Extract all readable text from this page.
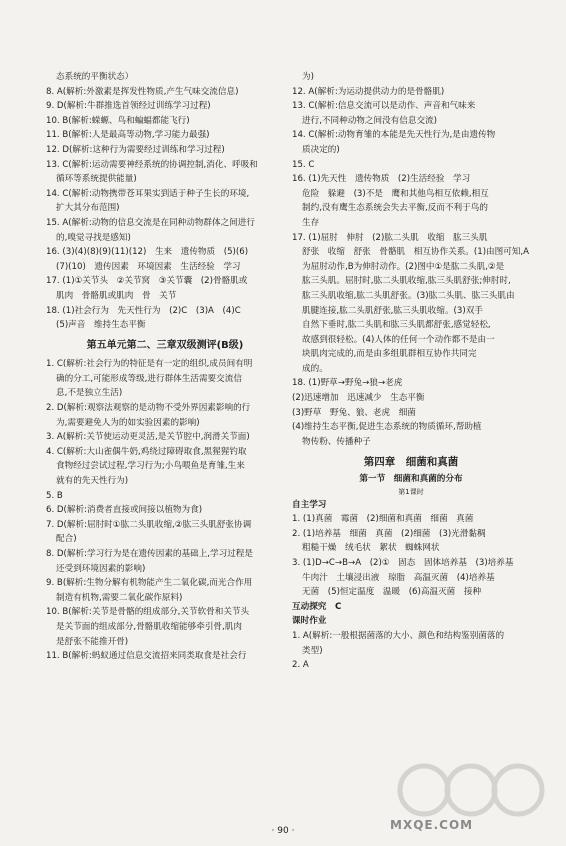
态系统的平衡状态）
8. A(解析:外激素是挥发性物质,产生气味交流信息)
9. D(解析:牛群推选首领经过训练学习过程)
10. B(解析:蝾螈、鸟和蝙蝠都能飞行)
11. B(解析:人是最高等动物,学习能力最强)
12. D(解析:这种行为需要经过训练和学习过程)
13. C(解析:运动需要神经系统的协调控制,消化、呼吸和
循环等系统提供能量)
14. C(解析:动物携带苍耳果实到适于种子生长的环境,
扩大其分布范围)
15. A(解析:动物的信息交流是在同种动物群体之间进行
的,嗅觉寻找是感知)
16. (3)(4)(8)(9)(11)(12)　生来　遗传物质　(5)(6)
(7)(10)　遗传因素　环境因素　生活经验　学习
17. (1)①关节头　②关节窝　③关节囊　(2)骨骼肌或
肌肉　骨骼肌或肌肉　骨　关节
18. (1)社会行为　先天性行为　(2)C　(3)A　(4)C
(5)声音　维持生态平衡
第五单元第二、三章双级测评(B级)
1. C(解析:社会行为的特征是有一定的组织,成员间有明
确的分工,可能形成等级,进行群体生活需要交流信
息,不是独立生活)
2. D(解析:观察法观察的是动物不受外界因素影响的行
为,需要避免人为的如实验因素的影响)
3. A(解析:关节使运动更灵活,是关节腔中,润滑关节面)
4. C(解析:大山雀偶牛奶,鸡绕过障碍取食,黑猩猩钓取
食物经过尝试过程,学习行为;小鸟喂鱼是育雏,生来
就有的先天性行为)
5. B
6. D(解析:消费者直接或间接以植物为食)
7. D(解析:屈肘时①肱二头肌收缩,②肱三头肌舒张协调
配合)
8. D(解析:学习行为是在遗传因素的基础上,学习过程是
还受到环境因素的影响)
9. B(解析:生物分解有机物能产生二氧化碳,而光合作用
制造有机物,需要二氧化碳作原料)
10. B(解析:关节是骨骼的组成部分,关节软骨和关节头
是关节面的组成部分,骨骼肌收缩能够牵引骨,肌肉
是舒张不能推开骨)
11. B(解析:蚂蚁通过信息交流招来同类取食是社会行
为)
12. A(解析:为运动提供动力的是骨骼肌)
13. C(解析:信息交流可以是动作、声音和气味来
进行,不同种动物之间没有信息交流)
14. C(解析:动物育雏的本能是先天性行为,是由遗传物
质决定的)
15. C
16. (1)先天性　遗传物质　(2)生活经验　学习
危险　躲避　(3)不是　鹰和其他鸟相互依赖,相互
制约,没有鹰生态系统会失去平衡,反而不利于鸟的
生存
17. (1)屈肘　伸肘　(2)肱二头肌　收缩　肱三头肌
舒张　收缩　舒张　骨骼肌　相互协作关系。(1)由图可知,A
为屈肘动作,B为伸肘动作。(2)图中①是肱二头肌,②是
肱三头肌。屈肘时,肱二头肌收缩,肱三头肌舒张;伸肘时,
肱三头肌收缩,肱二头肌舒张。(3)肱二头肌、肱三头肌由
肌腱连接,肱二头肌舒张,肱三头肌收缩。(3)双手
自然下垂时,肱二头肌和肱三头肌都舒张,感觉轻松,
故感到很轻松。(4)人体的任何一个动作都不是由一
块肌肉完成的,而是由多组肌群相互协作共同完
成的。
18. (1)野草→野兔→狼→老虎
(2)迅速增加　迅速减少　生态平衡
(3)野草　野兔、狼、老虎　细菌
(4)维持生态平衡,促进生态系统的物质循环,帮助植
物传粉、传播种子
第四章　细菌和真菌
第一节　细菌和真菌的分布
第1课时
自主学习
1. (1)真菌　霉菌　(2)细菌和真菌　细菌　真菌
2. (1)培养基　细菌　真菌　(2)细菌　(3)光滑黏稠
粗糙干燥　绒毛状　絮状　蜘蛛网状
3. (1)D→C→B→A　(2)①　固态　固体培养基　(3)培养基
牛肉汁　土壤浸出液　琼脂　高温灭菌　(4)培养基
无菌　(5)恒定温度　温暖　(6)高温灭菌　接种
互动探究　C
课时作业
1. A(解析:一般根据菌落的大小、颜色和结构鉴别菌落的
类型)
2. A
MXQE.COM
· 90 ·
